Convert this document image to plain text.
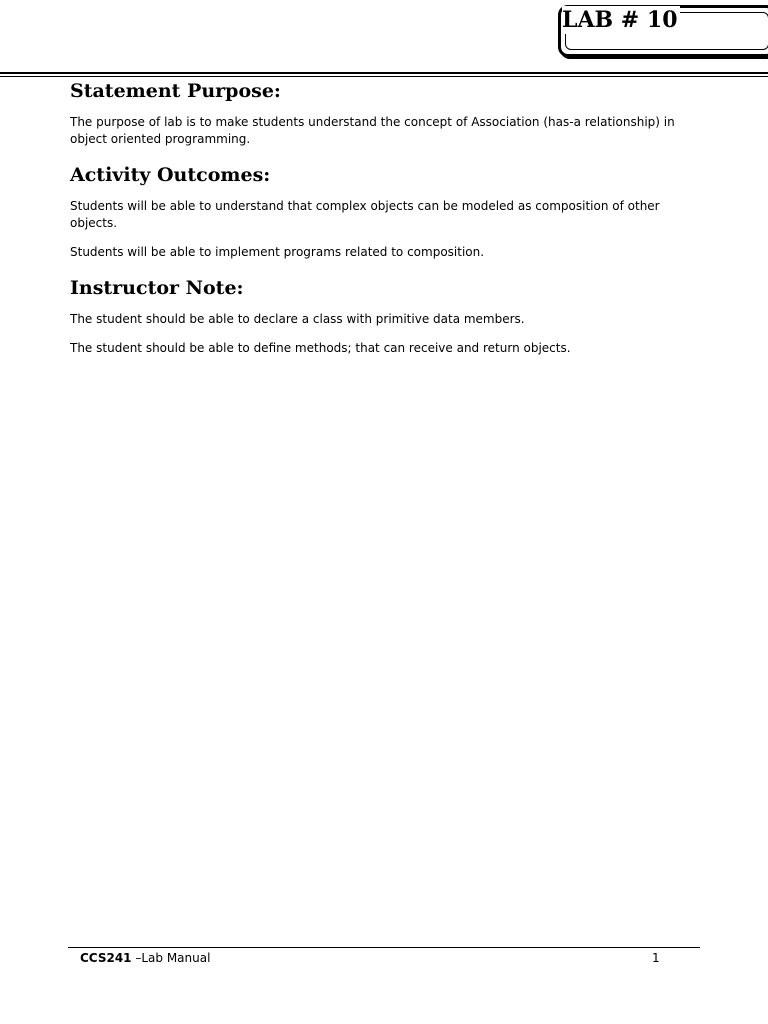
LAB # 10
Statement Purpose:

The purpose of lab is to make students understand the concept of Association (has-a relationship) in object oriented programming.

Activity Outcomes:

Students will be able to understand that complex objects can be modeled as composition of other objects.

Students will be able to implement programs related to composition.

Instructor Note:

The student should be able to declare a class with primitive data members.

The student should be able to define methods; that can receive and return objects.

CCS241 –Lab Manual	1
